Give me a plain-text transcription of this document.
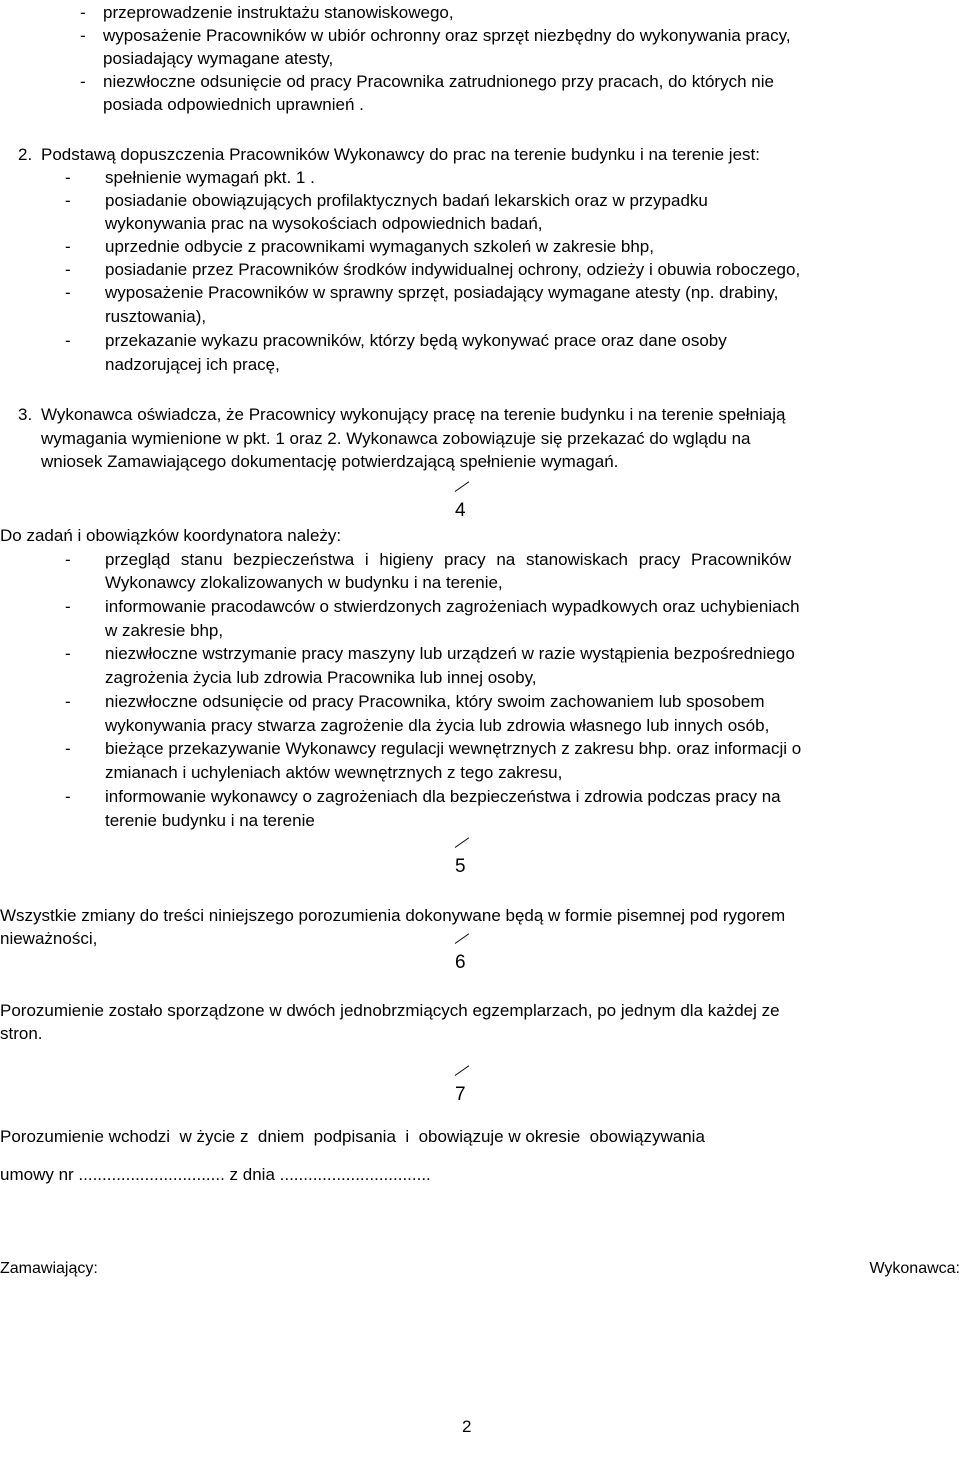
- przeprowadzenie instruktażu stanowiskowego,
- wyposażenie Pracowników w ubiór ochronny oraz sprzęt niezbędny do wykonywania pracy,
posiadający wymagane atesty,
- niezwłoczne odsunięcie od pracy Pracownika zatrudnionego przy pracach, do których nie
posiada odpowiednich uprawnień .
2. Podstawą dopuszczenia Pracowników Wykonawcy do prac na terenie budynku i na terenie jest:
- spełnienie wymagań pkt. 1 .
- posiadanie obowiązujących profilaktycznych badań lekarskich oraz w przypadku
wykonywania prac na wysokościach odpowiednich badań,
- uprzednie odbycie z pracownikami wymaganych szkoleń w zakresie bhp,
- posiadanie przez Pracowników środków indywidualnej ochrony, odzieży i obuwia roboczego,
- wyposażenie Pracowników w sprawny sprzęt, posiadający wymagane atesty (np. drabiny,
rusztowania),
- przekazanie wykazu pracowników, którzy będą wykonywać prace oraz dane osoby
nadzorującej ich pracę,
3. Wykonawca oświadcza, że Pracownicy wykonujący pracę na terenie budynku i na terenie spełniają
wymagania wymienione w pkt. 1 oraz 2. Wykonawca zobowiązuje się przekazać do wglądu na
wniosek Zamawiającego dokumentację potwierdzającą spełnienie wymagań.
4
Do zadań i obowiązków koordynatora należy:
- przegląd stanu bezpieczeństwa i higieny pracy na stanowiskach pracy Pracowników
Wykonawcy zlokalizowanych w budynku i na terenie,
- informowanie pracodawców o stwierdzonych zagrożeniach wypadkowych oraz uchybieniach
w zakresie bhp,
- niezwłoczne wstrzymanie pracy maszyny lub urządzeń w razie wystąpienia bezpośredniego
zagrożenia życia lub zdrowia Pracownika lub innej osoby,
- niezwłoczne odsunięcie od pracy Pracownika, który swoim zachowaniem lub sposobem
wykonywania pracy stwarza zagrożenie dla życia lub zdrowia własnego lub innych osób,
- bieżące przekazywanie Wykonawcy regulacji wewnętrznych z zakresu bhp. oraz informacji o
zmianach i uchyleniach aktów wewnętrznych z tego zakresu,
- informowanie wykonawcy o zagrożeniach dla bezpieczeństwa i zdrowia podczas pracy na
terenie budynku i na terenie
5
Wszystkie zmiany do treści niniejszego porozumienia dokonywane będą w formie pisemnej pod rygorem
nieważności,
6
Porozumienie zostało sporządzone w dwóch jednobrzmiących egzemplarzach, po jednym dla każdej ze
stron.
7
Porozumienie wchodzi  w życie z  dniem  podpisania  i  obowiązuje w okresie  obowiązywania
umowy nr ............................... z dnia ................................
Zamawiający:	Wykonawca:
2
